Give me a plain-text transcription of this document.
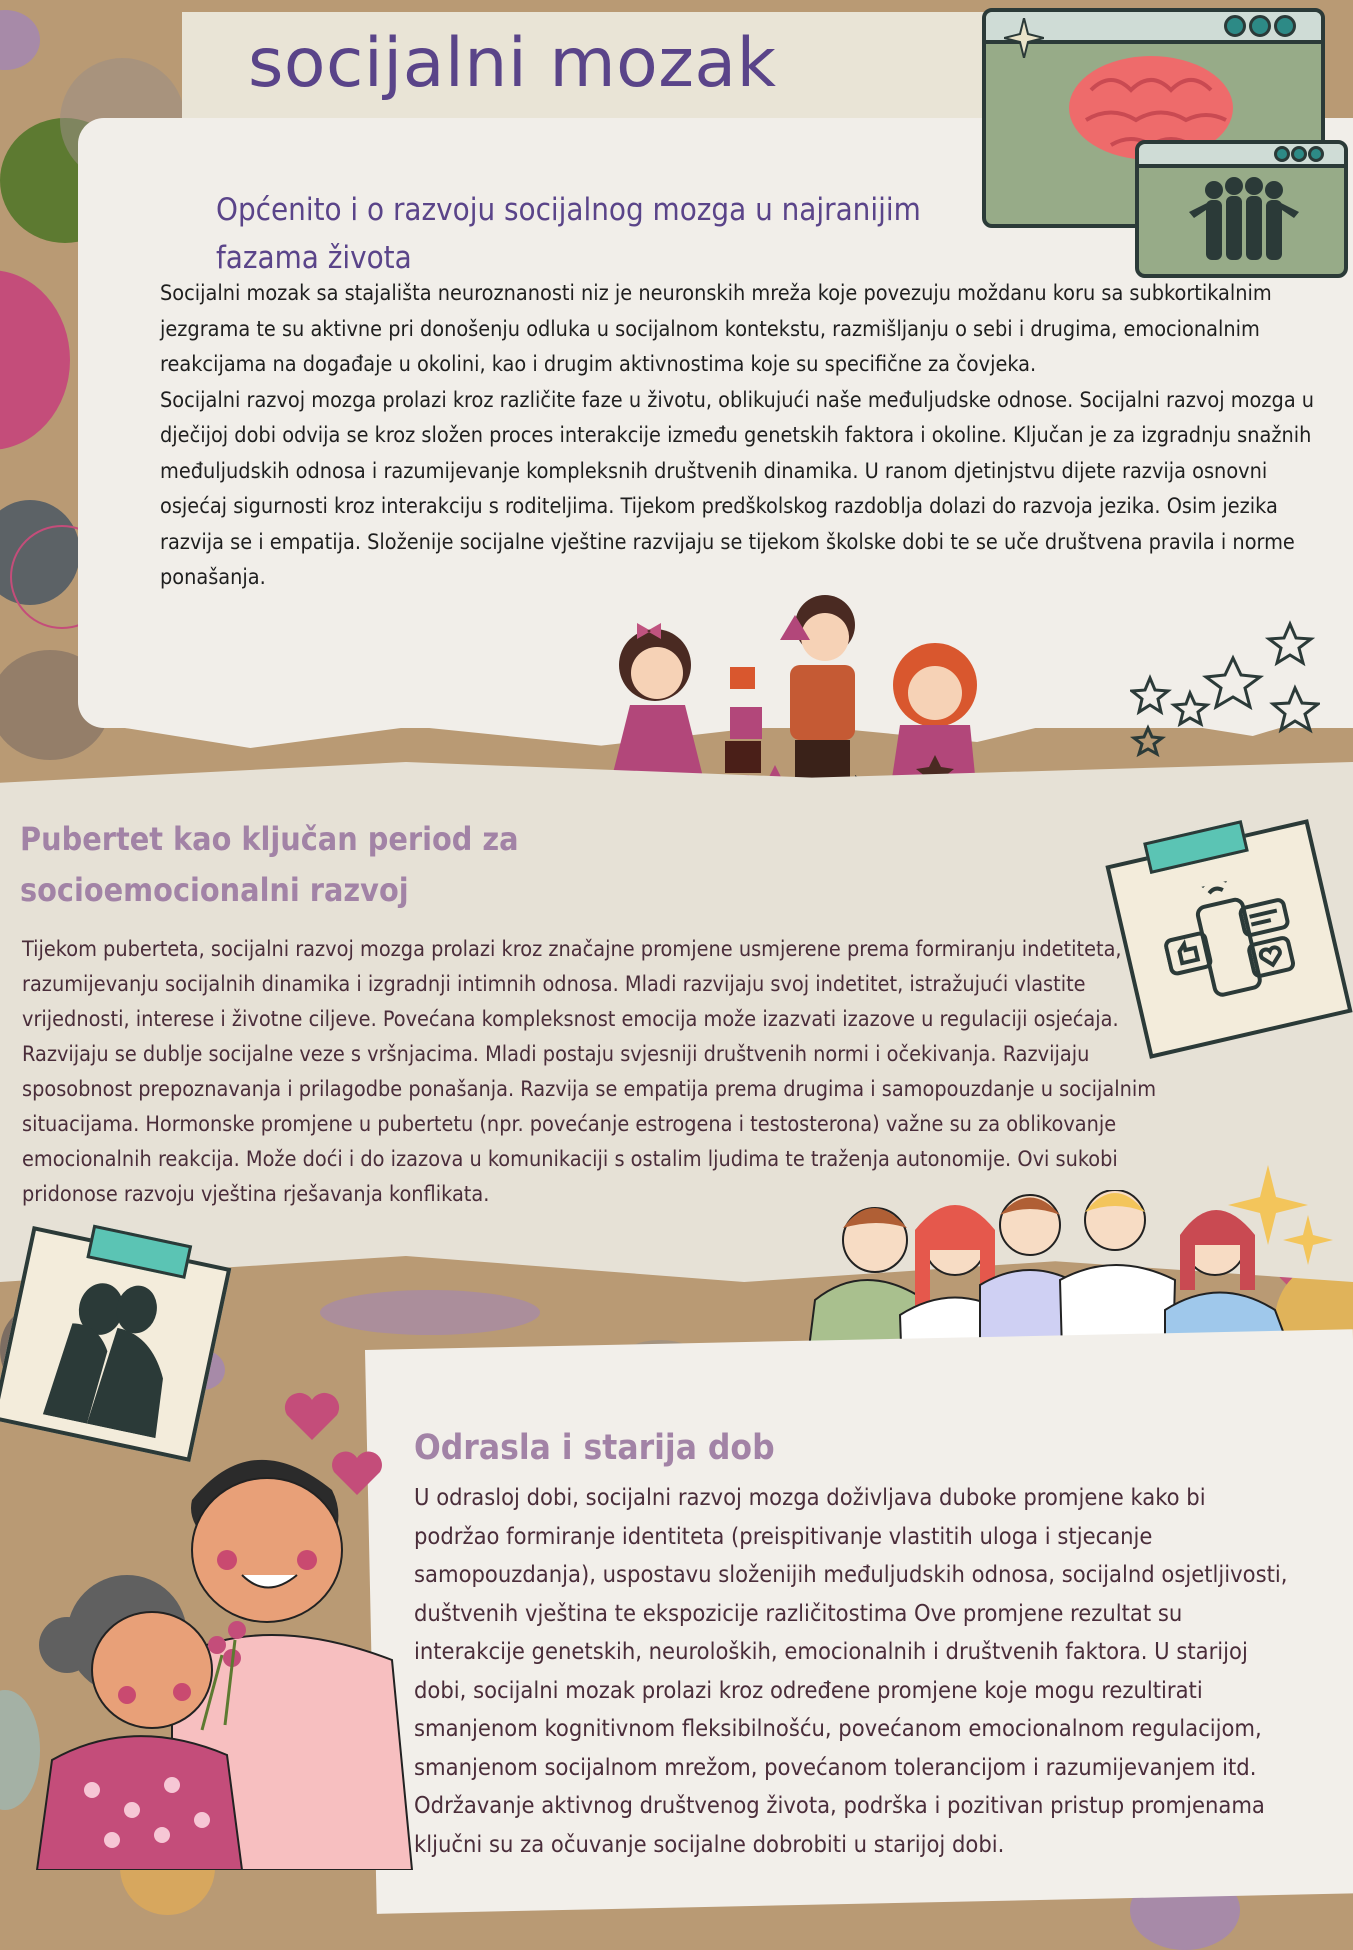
socijalni mozak
Općenito i o razvoju socijalnog mozga u najranijim fazama života

Socijalni mozak sa stajališta neuroznanosti niz je neuronskih mreža koje povezuju moždanu koru sa subkortikalnim jezgrama te su aktivne pri donošenju odluka u socijalnom kontekstu, razmišljanju o sebi i drugima, emocionalnim reakcijama na događaje u okolini, kao i drugim aktivnostima koje su specifične za čovjeka.

Socijalni razvoj mozga prolazi kroz različite faze u životu, oblikujući naše međuljudske odnose. Socijalni razvoj mozga u dječijoj dobi odvija se kroz složen proces interakcije između genetskih faktora i okoline. Ključan je za izgradnju snažnih međuljudskih odnosa i razumijevanje kompleksnih društvenih dinamika. U ranom djetinjstvu dijete razvija osnovni osjećaj sigurnosti kroz interakciju s roditeljima. Tijekom predškolskog razdoblja dolazi do razvoja jezika. Osim jezika razvija se i empatija. Složenije socijalne vještine razvijaju se tijekom školske dobi te se uče društvena pravila i norme ponašanja.

Pubertet kao ključan period za socioemocionalni razvoj

Tijekom puberteta, socijalni razvoj mozga prolazi kroz značajne promjene usmjerene prema formiranju indetiteta, razumijevanju socijalnih dinamika i izgradnji intimnih odnosa. Mladi razvijaju svoj indetitet, istražujući vlastite vrijednosti, interese i životne ciljeve. Povećana kompleksnost emocija može izazvati izazove u regulaciji osjećaja. Razvijaju se dublje socijalne veze s vršnjacima. Mladi postaju svjesniji društvenih normi i očekivanja. Razvijaju sposobnost prepoznavanja i prilagodbe ponašanja. Razvija se empatija prema drugima i samopouzdanje u socijalnim situacijama. Hormonske promjene u pubertetu (npr. povećanje estrogena i testosterona) važne su za oblikovanje emocionalnih reakcija. Može doći i do izazova u komunikaciji s ostalim ljudima te traženja autonomije. Ovi sukobi pridonose razvoju vještina rješavanja konflikata.

Odrasla i starija dob

U odrasloj dobi, socijalni razvoj mozga doživljava duboke promjene kako bi podržao formiranje identiteta (preispitivanje vlastitih uloga i stjecanje samopouzdanja), uspostavu složenijih međuljudskih odnosa, socijalnd osjetljivosti, duštvenih vještina te ekspozicije različitostima Ove promjene rezultat su interakcije genetskih, neuroloških, emocionalnih i društvenih faktora. U starijoj dobi, socijalni mozak prolazi kroz određene promjene koje mogu rezultirati smanjenom kognitivnom fleksibilnošću, povećanom emocionalnom regulacijom, smanjenom socijalnom mrežom, povećanom tolerancijom i razumijevanjem itd. Održavanje aktivnog društvenog života, podrška i pozitivan pristup promjenama ključni su za očuvanje socijalne dobrobiti u starijoj dobi.
